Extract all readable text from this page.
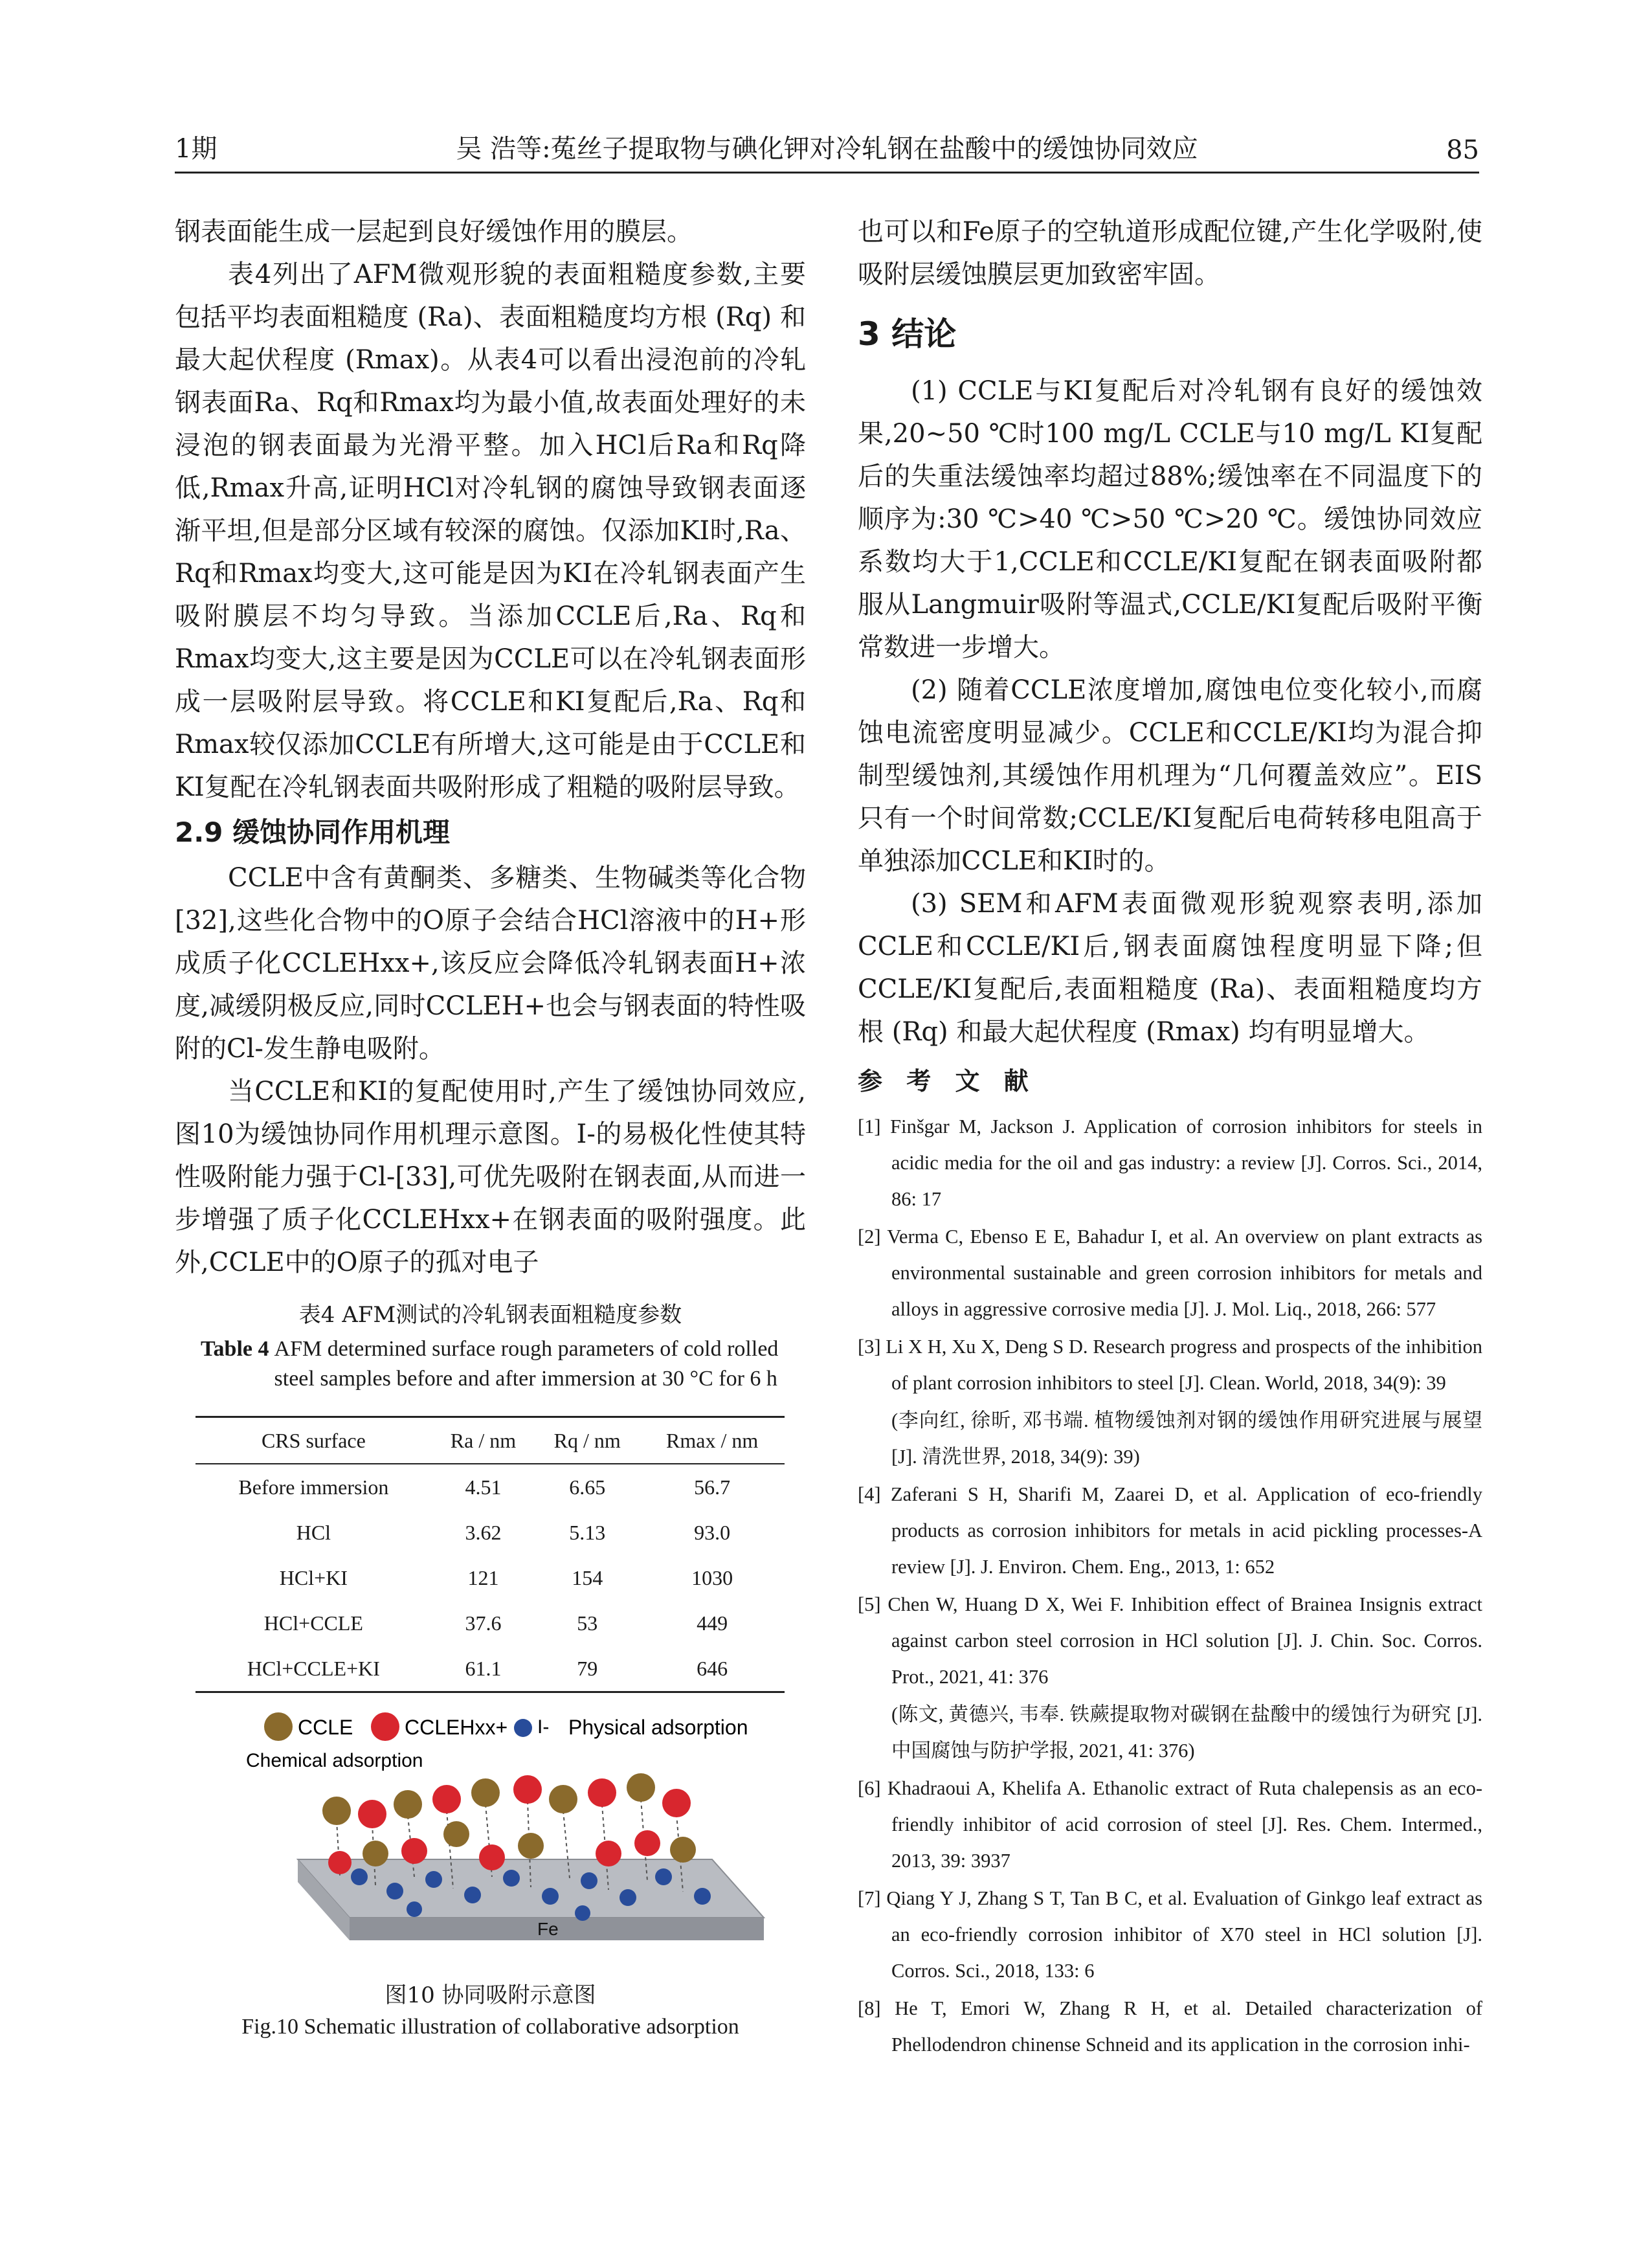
1期	吴 浩等:菟丝子提取物与碘化钾对冷轧钢在盐酸中的缓蚀协同效应	85

钢表面能生成一层起到良好缓蚀作用的膜层。

表4列出了AFM微观形貌的表面粗糙度参数,主要包括平均表面粗糙度 (Ra)、表面粗糙度均方根 (Rq) 和最大起伏程度 (Rmax)。从表4可以看出浸泡前的冷轧钢表面Ra、Rq和Rmax均为最小值,故表面处理好的未浸泡的钢表面最为光滑平整。加入HCl后Ra和Rq降低,Rmax升高,证明HCl对冷轧钢的腐蚀导致钢表面逐渐平坦,但是部分区域有较深的腐蚀。仅添加KI时,Ra、Rq和Rmax均变大,这可能是因为KI在冷轧钢表面产生吸附膜层不均匀导致。当添加CCLE后,Ra、Rq和Rmax均变大,这主要是因为CCLE可以在冷轧钢表面形成一层吸附层导致。将CCLE和KI复配后,Ra、Rq和Rmax较仅添加CCLE有所增大,这可能是由于CCLE和KI复配在冷轧钢表面共吸附形成了粗糙的吸附层导致。

2.9 缓蚀协同作用机理

CCLE中含有黄酮类、多糖类、生物碱类等化合物[32],这些化合物中的O原子会结合HCl溶液中的H+形成质子化CCLEHxx+,该反应会降低冷轧钢表面H+浓度,减缓阴极反应,同时CCLEH+也会与钢表面的特性吸附的Cl-发生静电吸附。

当CCLE和KI的复配使用时,产生了缓蚀协同效应,图10为缓蚀协同作用机理示意图。I-的易极化性使其特性吸附能力强于Cl-[33],可优先吸附在钢表面,从而进一步增强了质子化CCLEHxx+在钢表面的吸附强度。此外,CCLE中的O原子的孤对电子

表4 AFM测试的冷轧钢表面粗糙度参数
Table 4 AFM determined surface rough parameters of cold rolled steel samples before and after immersion at 30 °C for 6 h
CRS surface	Ra / nm	Rq / nm	Rmax / nm
Before immersion	4.51	6.65	56.7
HCl	3.62	5.13	93.0
HCl+KI	121	154	1030
HCl+CCLE	37.6	53	449
HCl+CCLE+KI	61.1	79	646
CCLE CCLEHxx+ I- Physical adsorption
Chemical adsorption
Fe
图10 协同吸附示意图
Fig.10 Schematic illustration of collaborative adsorption

也可以和Fe原子的空轨道形成配位键,产生化学吸附,使吸附层缓蚀膜层更加致密牢固。

3 结论

(1) CCLE与KI复配后对冷轧钢有良好的缓蚀效果,20~50 ℃时100 mg/L CCLE与10 mg/L KI复配后的失重法缓蚀率均超过88%;缓蚀率在不同温度下的顺序为:30 ℃>40 ℃>50 ℃>20 ℃。缓蚀协同效应系数均大于1,CCLE和CCLE/KI复配在钢表面吸附都服从Langmuir吸附等温式,CCLE/KI复配后吸附平衡常数进一步增大。

(2) 随着CCLE浓度增加,腐蚀电位变化较小,而腐蚀电流密度明显减少。CCLE和CCLE/KI均为混合抑制型缓蚀剂,其缓蚀作用机理为“几何覆盖效应”。EIS只有一个时间常数;CCLE/KI复配后电荷转移电阻高于单独添加CCLE和KI时的。

(3) SEM和AFM表面微观形貌观察表明,添加CCLE和CCLE/KI后,钢表面腐蚀程度明显下降;但CCLE/KI复配后,表面粗糙度 (Ra)、表面粗糙度均方根 (Rq) 和最大起伏程度 (Rmax) 均有明显增大。

参 考 文 献

[1] Finšgar M, Jackson J. Application of corrosion inhibitors for steels in acidic media for the oil and gas industry: a review [J]. Corros. Sci., 2014, 86: 17

[2] Verma C, Ebenso E E, Bahadur I, et al. An overview on plant extracts as environmental sustainable and green corrosion inhibitors for metals and alloys in aggressive corrosive media [J]. J. Mol. Liq., 2018, 266: 577

[3] Li X H, Xu X, Deng S D. Research progress and prospects of the inhibition of plant corrosion inhibitors to steel [J]. Clean. World, 2018, 34(9): 39

(李向红, 徐昕, 邓书端. 植物缓蚀剂对钢的缓蚀作用研究进展与展望 [J]. 清洗世界, 2018, 34(9): 39)

[4] Zaferani S H, Sharifi M, Zaarei D, et al. Application of eco-friendly products as corrosion inhibitors for metals in acid pickling processes-A review [J]. J. Environ. Chem. Eng., 2013, 1: 652

[5] Chen W, Huang D X, Wei F. Inhibition effect of Brainea Insignis extract against carbon steel corrosion in HCl solution [J]. J. Chin. Soc. Corros. Prot., 2021, 41: 376

(陈文, 黄德兴, 韦奉. 铁蕨提取物对碳钢在盐酸中的缓蚀行为研究 [J]. 中国腐蚀与防护学报, 2021, 41: 376)

[6] Khadraoui A, Khelifa A. Ethanolic extract of Ruta chalepensis as an eco-friendly inhibitor of acid corrosion of steel [J]. Res. Chem. Intermed., 2013, 39: 3937

[7] Qiang Y J, Zhang S T, Tan B C, et al. Evaluation of Ginkgo leaf extract as an eco-friendly corrosion inhibitor of X70 steel in HCl solution [J]. Corros. Sci., 2018, 133: 6

[8] He T, Emori W, Zhang R H, et al. Detailed characterization of Phellodendron chinense Schneid and its application in the corrosion inhi-
